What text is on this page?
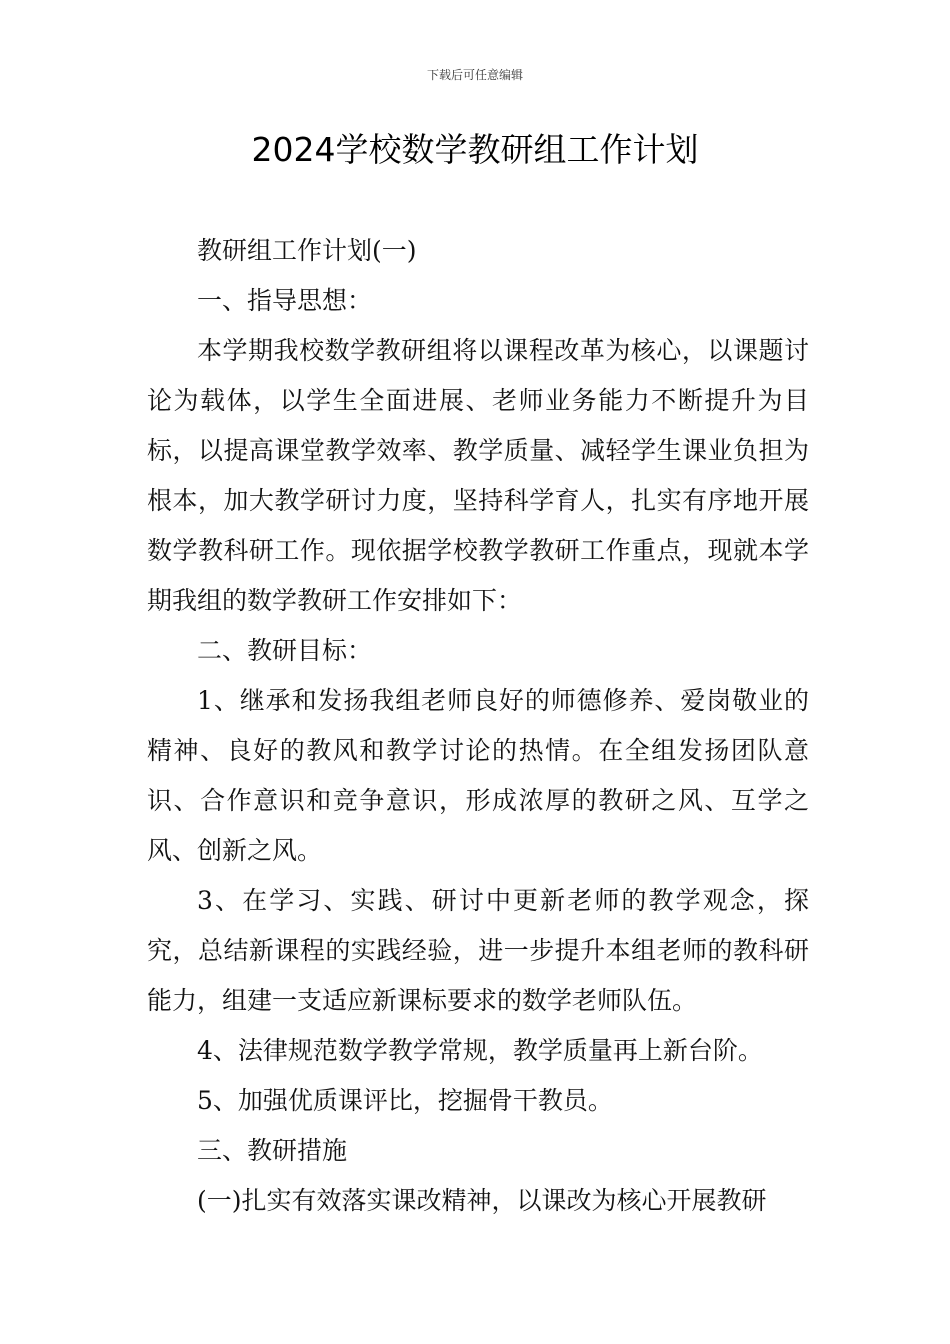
下载后可任意编辑
2024学校数学教研组工作计划

教研组工作计划(一)

一、指导思想：

本学期我校数学教研组将以课程改革为核心，以课题讨论为载体，以学生全面进展、老师业务能力不断提升为目标，以提高课堂教学效率、教学质量、减轻学生课业负担为根本，加大教学研讨力度，坚持科学育人，扎实有序地开展数学教科研工作。现依据学校教学教研工作重点，现就本学期我组的数学教研工作安排如下：

二、教研目标：

1、继承和发扬我组老师良好的师德修养、爱岗敬业的精神、良好的教风和教学讨论的热情。在全组发扬团队意识、合作意识和竞争意识，形成浓厚的教研之风、互学之风、创新之风。

3、在学习、实践、研讨中更新老师的教学观念，探究，总结新课程的实践经验，进一步提升本组老师的教科研能力，组建一支适应新课标要求的数学老师队伍。

4、法律规范数学教学常规，教学质量再上新台阶。

5、加强优质课评比，挖掘骨干教员。

三、教研措施

(一)扎实有效落实课改精神，以课改为核心开展教研
